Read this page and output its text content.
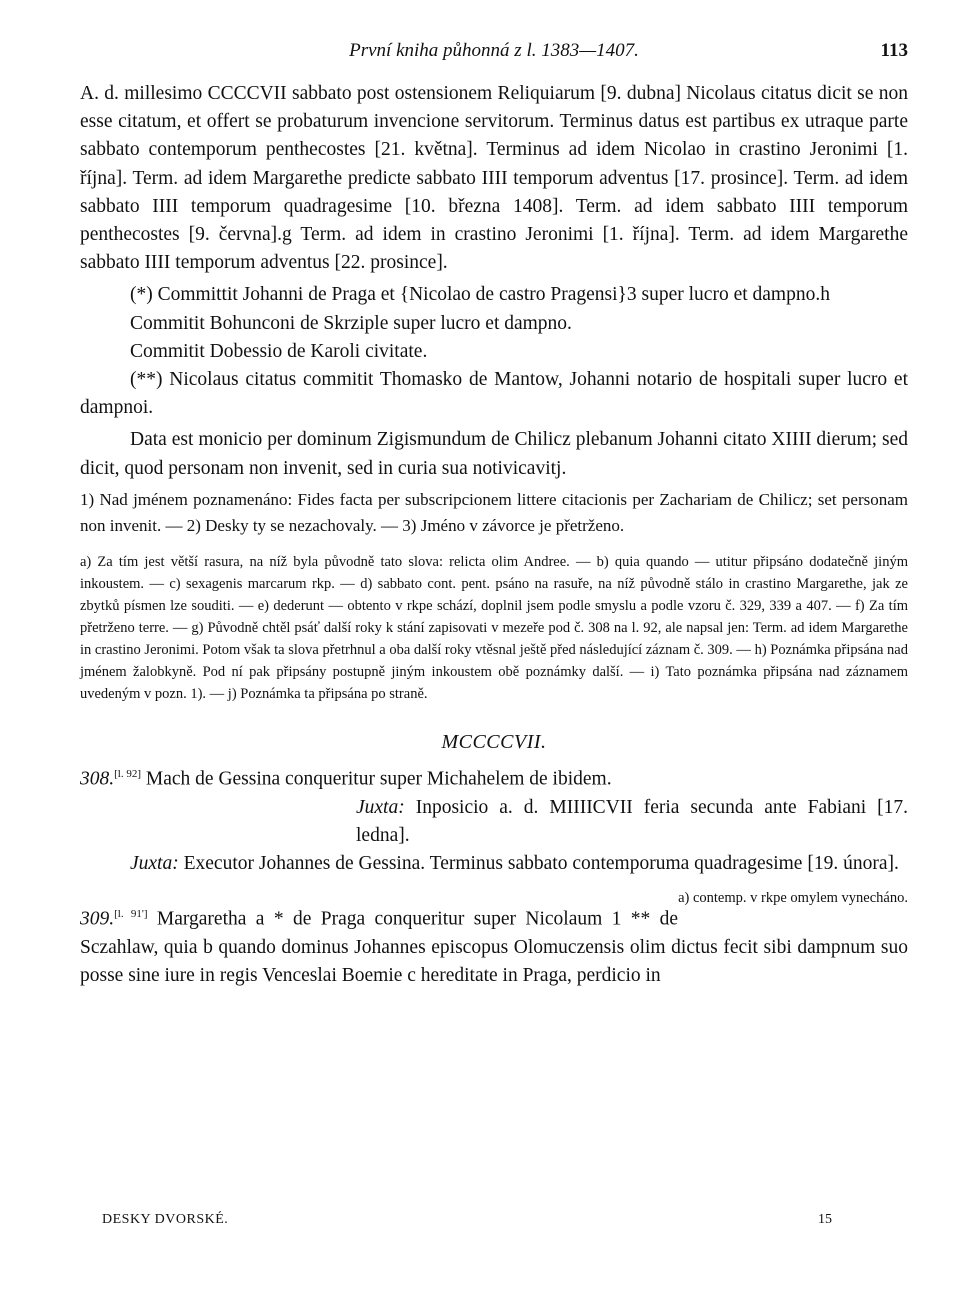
První kniha půhonná z l. 1383—1407.	113

A. d. millesimo CCCCVII sabbato post ostensionem Reliquiarum [9. dubna] Nicolaus citatus dicit se non esse citatum, et offert se probaturum invencione servitorum. Terminus datus est partibus ex utraque parte sabbato contemporum penthecostes [21. května]. Terminus ad idem Nicolao in crastino Jeronimi [1. října]. Term. ad idem Margarethe predicte sabbato IIII temporum adventus [17. prosince]. Term. ad idem sabbato IIII temporum quadragesime [10. března 1408]. Term. ad idem sabbato IIII temporum penthecostes [9. června].g Term. ad idem in crastino Jeronimi [1. října]. Term. ad idem Margarethe sabbato IIII temporum adventus [22. prosince].

(*) Committit Johanni de Praga et {Nicolao de castro Pragensi}3 super lucro et dampno.h

Commitit Bohunconi de Skrziple super lucro et dampno.

Commitit Dobessio de Karoli civitate.

(**) Nicolaus citatus commitit Thomasko de Mantow, Johanni notario de hospitali super lucro et dampnoi.

Data est monicio per dominum Zigismundum de Chilicz plebanum Johanni citato XIIII dierum; sed dicit, quod personam non invenit, sed in curia sua notivicavitj.

1) Nad jménem poznamenáno: Fides facta per subscripcionem littere citacionis per Zachariam de Chilicz; set personam non invenit. — 2) Desky ty se nezachovaly. — 3) Jméno v závorce je přetrženo.

a) Za tím jest větší rasura, na níž byla původně tato slova: relicta olim Andree. — b) quia quando — utitur připsáno dodatečně jiným inkoustem. — c) sexagenis marcarum rkp. — d) sabbato cont. pent. psáno na rasuře, na níž původně stálo in crastino Margarethe, jak ze zbytků písmen lze souditi. — e) dederunt — obtento v rkpe schází, doplnil jsem podle smyslu a podle vzoru č. 329, 339 a 407. — f) Za tím přetrženo terre. — g) Původně chtěl psáť další roky k stání zapisovati v mezeře pod č. 308 na l. 92, ale napsal jen: Term. ad idem Margarethe in crastino Jeronimi. Potom však ta slova přetrhnul a oba další roky vtěsnal ještě před následující záznam č. 309. — h) Poznámka připsána nad jménem žalobkyně. Pod ní pak připsány postupně jiným inkoustem obě poznámky další. — i) Tato poznámka připsána nad záznamem uvedeným v pozn. 1). — j) Poznámka ta připsána po straně.

MCCCCVII.

308.[l. 92] Mach de Gessina conqueritur super Michahelem de ibidem.

Juxta: Inposicio a. d. MIIIICVII feria secunda ante Fabiani [17. ledna].

Juxta: Executor Johannes de Gessina. Terminus sabbato contemporuma quadragesime [19. února].
a) contemp. v rkpe omylem vynecháno.

309.[l. 91'] Margaretha a * de Praga conqueritur super Nicolaum 1 ** de Sczahlaw, quia b quando dominus Johannes episcopus Olomuczensis olim dictus fecit sibi dampnum suo posse sine iure in regis Venceslai Boemie c hereditate in Praga, perdicio in

DESKY DVORSKÉ.	15
